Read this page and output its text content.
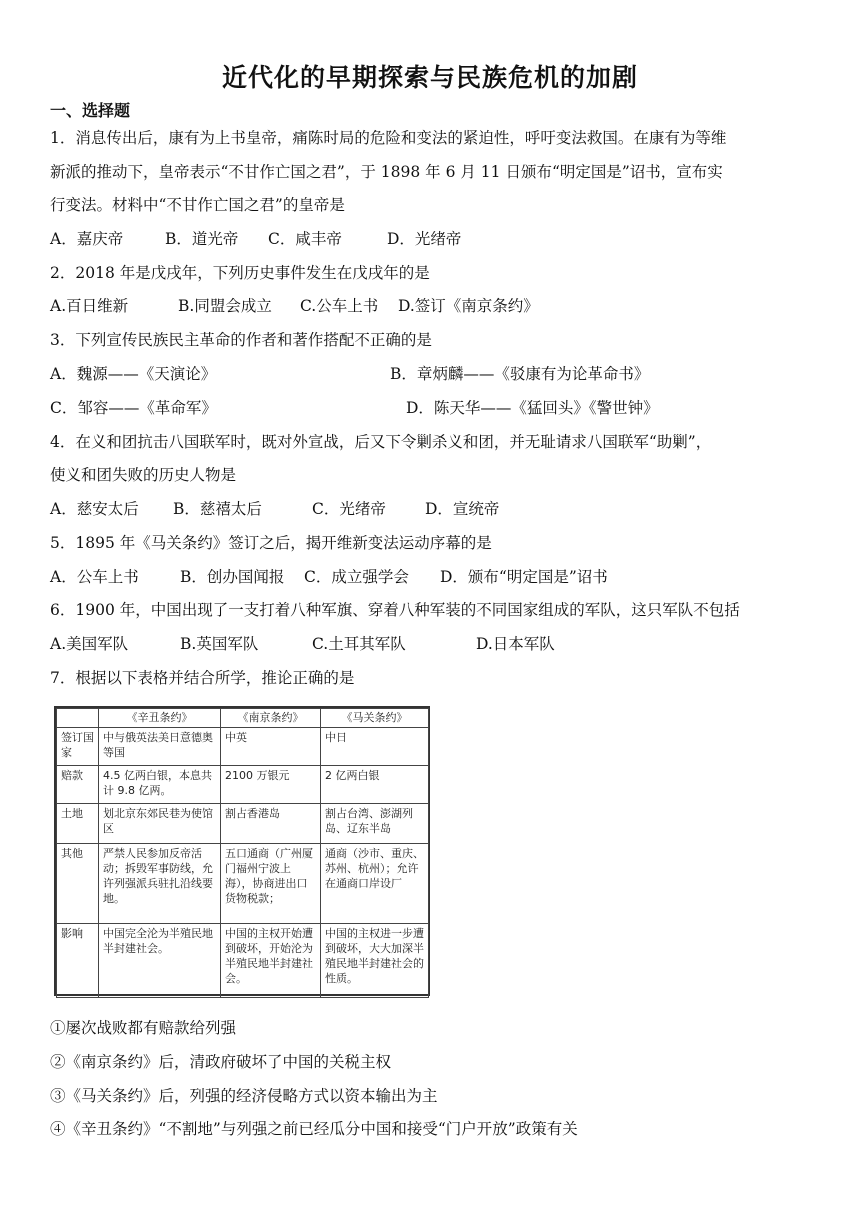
近代化的早期探索与民族危机的加剧
一、选择题
1．消息传出后，康有为上书皇帝，痛陈时局的危险和变法的紧迫性，呼吁变法救国。在康有为等维
新派的推动下，皇帝表示“不甘作亡国之君”，于 1898 年 6 月 11 日颁布“明定国是”诏书，宣布实
行变法。材料中“不甘作亡国之君”的皇帝是
A．嘉庆帝	B．道光帝 C．咸丰帝	D．光绪帝
2．2018 年是戊戌年，下列历史事件发生在戊戌年的是
A.百日维新	B.同盟会成立 C.公车上书 D.签订《南京条约》
3．下列宣传民族民主革命的作者和著作搭配不正确的是
A．魏源——《天演论》	B．章炳麟——《驳康有为论革命书》
C．邹容——《革命军》	D．陈天华——《猛回头》《警世钟》
4．在义和团抗击八国联军时，既对外宣战，后又下令剿杀义和团，并无耻请求八国联军“助剿”，
使义和团失败的历史人物是
A．慈安太后 B．慈禧太后	C．光绪帝	D．宣统帝
5．1895 年《马关条约》签订之后，揭开维新变法运动序幕的是
A．公车上书	B．创办国闻报 C．成立强学会 D．颁布“明定国是”诏书
6．1900 年，中国出现了一支打着八种军旗、穿着八种军装的不同国家组成的军队，这只军队不包括
A.美国军队	B.英国军队	C.土耳其军队	D.日本军队
7．根据以下表格并结合所学，推论正确的是
	《辛丑条约》	《南京条约》	《马关条约》
签订国家	中与俄英法美日意德奥等国	中英	中日
赔款	4.5 亿两白银，本息共计 9.8 亿两。	2100 万银元	2 亿两白银
土地	划北京东郊民巷为使馆区	割占香港岛	割占台湾、澎湖列岛、辽东半岛
其他	严禁人民参加反帝活动；拆毁军事防线，允许列强派兵驻扎沿线要地。	五口通商（广州厦门福州宁波上海），协商进出口货物税款；	通商（沙市、重庆、苏州、杭州）；允许在通商口岸设厂
影响	中国完全沦为半殖民地半封建社会。	中国的主权开始遭到破坏，开始沦为半殖民地半封建社会。	中国的主权进一步遭到破坏，大大加深半殖民地半封建社会的性质。
①屡次战败都有赔款给列强
②《南京条约》后，清政府破坏了中国的关税主权
③《马关条约》后，列强的经济侵略方式以资本输出为主
④《辛丑条约》“不割地”与列强之前已经瓜分中国和接受“门户开放”政策有关
